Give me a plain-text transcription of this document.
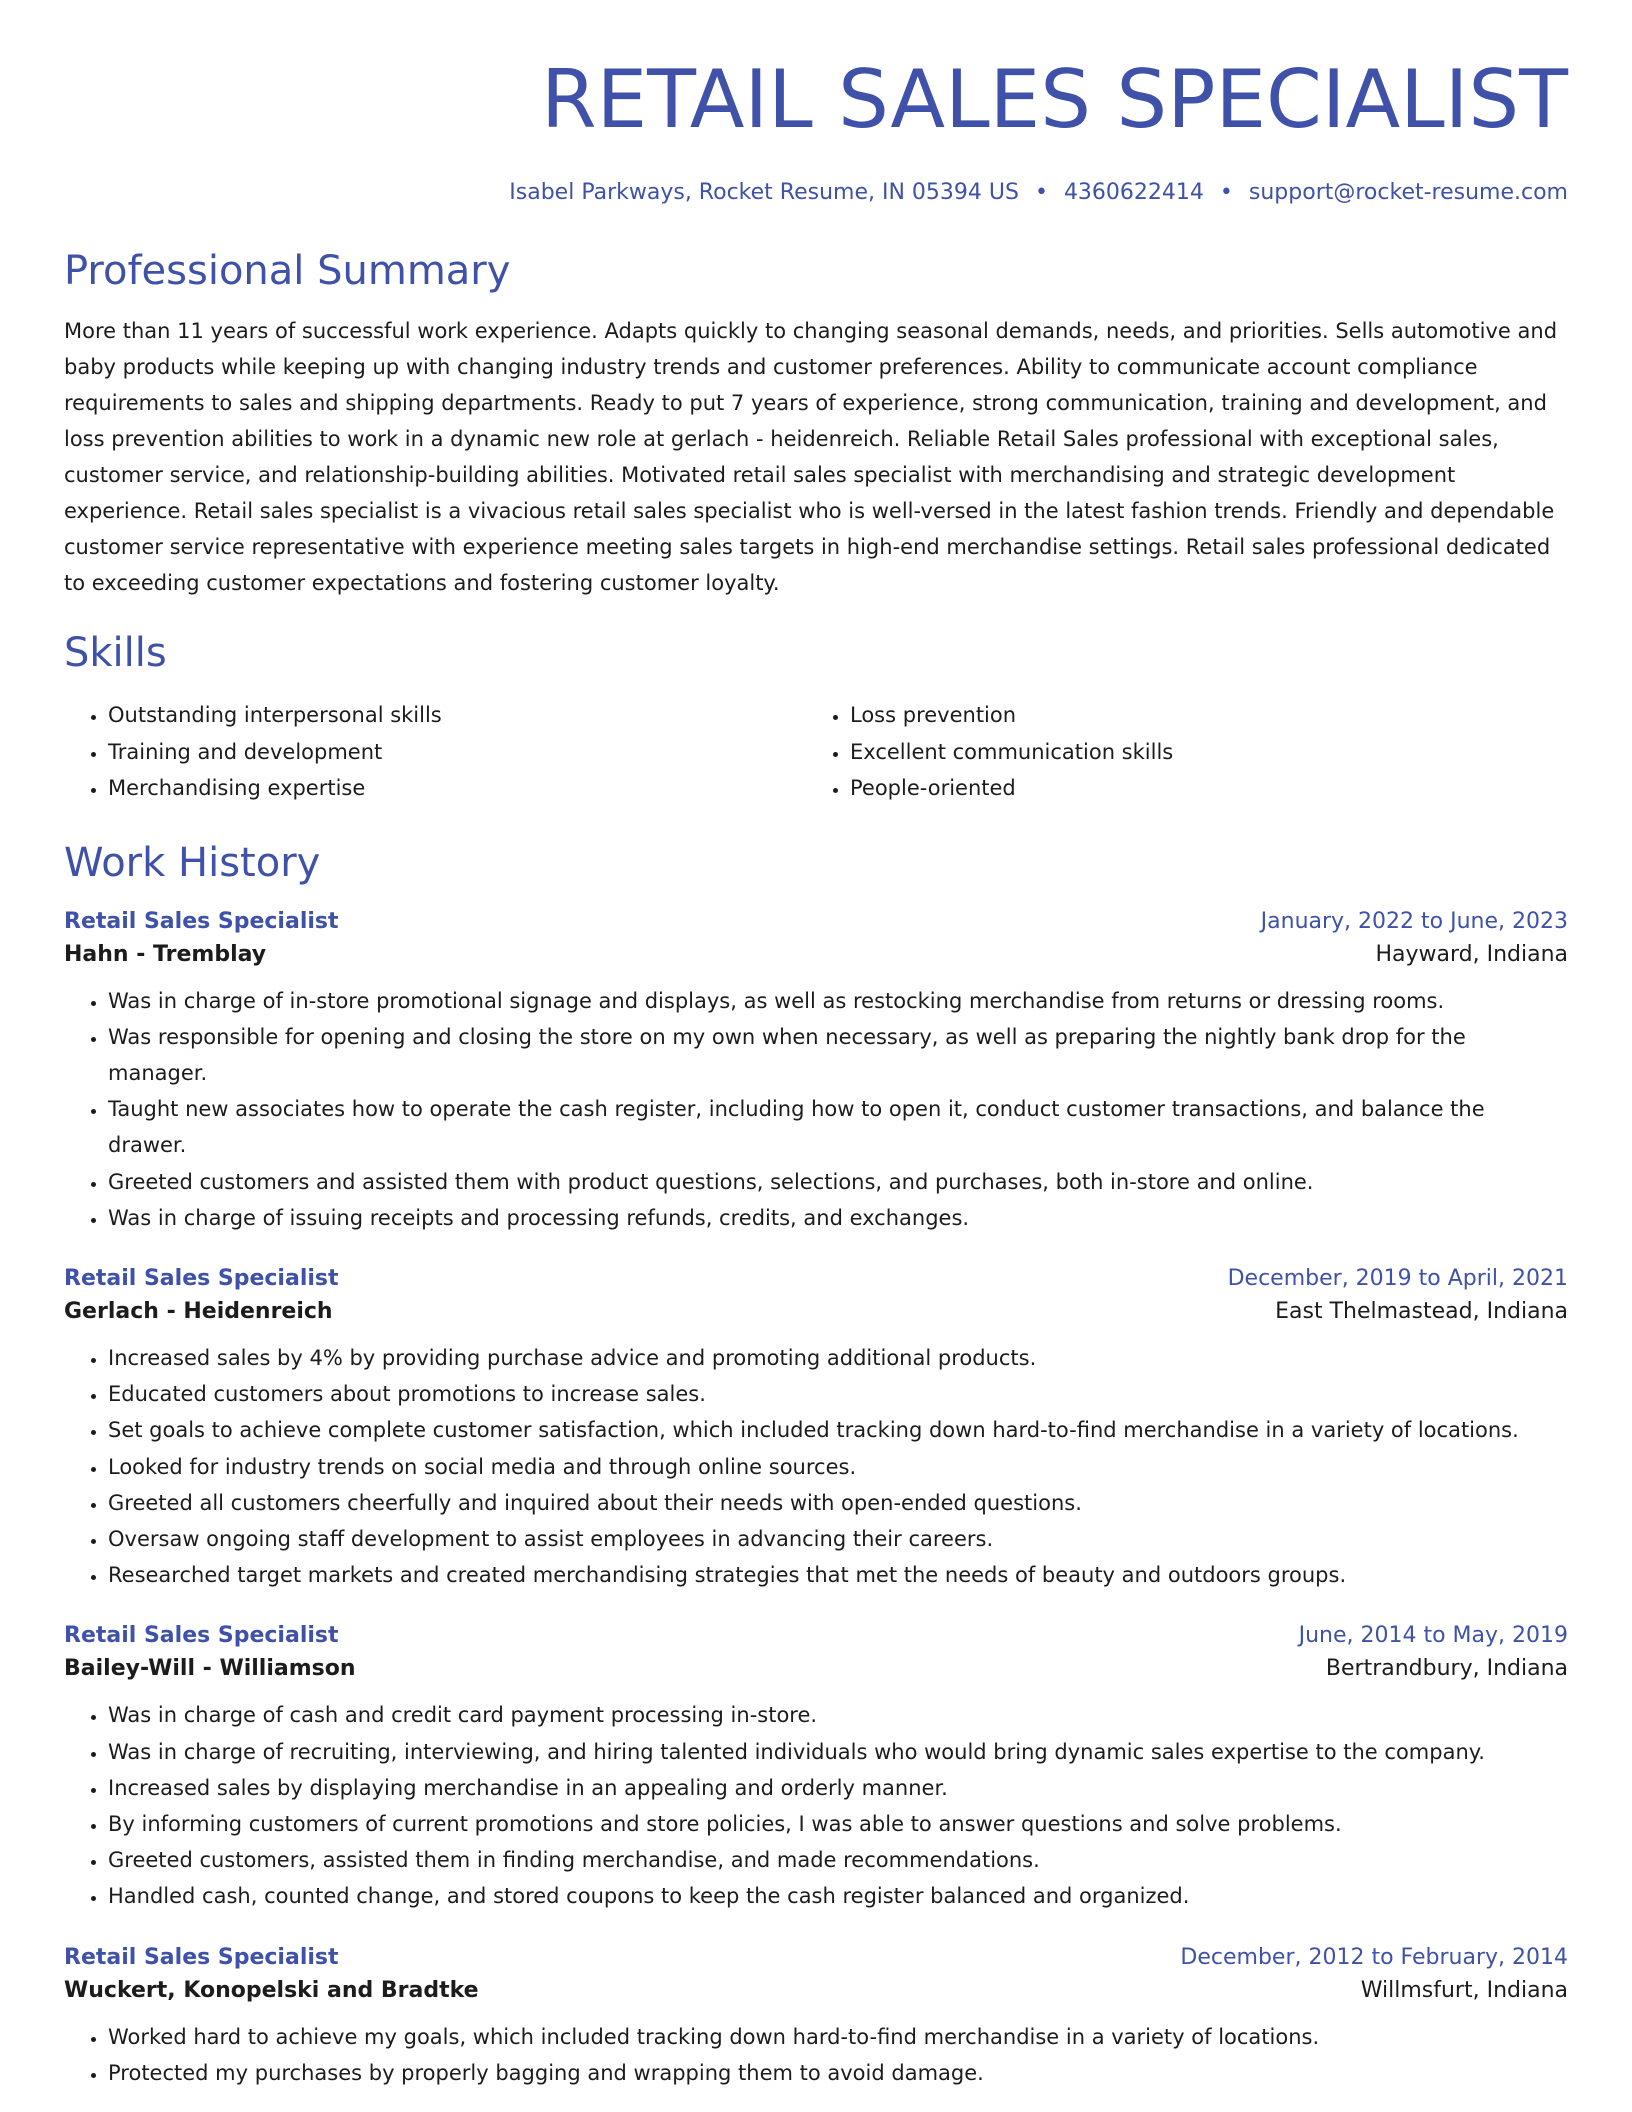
RETAIL SALES SPECIALIST
Isabel Parkways, Rocket Resume, IN 05394 US • 4360622414 • support@rocket-resume.com
Professional Summary

More than 11 years of successful work experience. Adapts quickly to changing seasonal demands, needs, and priorities. Sells automotive and baby products while keeping up with changing industry trends and customer preferences. Ability to communicate account compliance requirements to sales and shipping departments. Ready to put 7 years of experience, strong communication, training and development, and loss prevention abilities to work in a dynamic new role at gerlach - heidenreich. Reliable Retail Sales professional with exceptional sales, customer service, and relationship-building abilities. Motivated retail sales specialist with merchandising and strategic development experience. Retail sales specialist is a vivacious retail sales specialist who is well-versed in the latest fashion trends. Friendly and dependable customer service representative with experience meeting sales targets in high-end merchandise settings. Retail sales professional dedicated to exceeding customer expectations and fostering customer loyalty.

Skills
• Outstanding interpersonal skills
• Training and development
• Merchandising expertise
• Loss prevention
• Excellent communication skills
• People-oriented
Work History
Retail Sales Specialist	January, 2022 to June, 2023
Hahn - Tremblay	Hayward, Indiana
• Was in charge of in-store promotional signage and displays, as well as restocking merchandise from returns or dressing rooms.
• Was responsible for opening and closing the store on my own when necessary, as well as preparing the nightly bank drop for the manager.
• Taught new associates how to operate the cash register, including how to open it, conduct customer transactions, and balance the drawer.
• Greeted customers and assisted them with product questions, selections, and purchases, both in-store and online.
• Was in charge of issuing receipts and processing refunds, credits, and exchanges.
Retail Sales Specialist	December, 2019 to April, 2021
Gerlach - Heidenreich	East Thelmastead, Indiana
• Increased sales by 4% by providing purchase advice and promoting additional products.
• Educated customers about promotions to increase sales.
• Set goals to achieve complete customer satisfaction, which included tracking down hard-to-find merchandise in a variety of locations.
• Looked for industry trends on social media and through online sources.
• Greeted all customers cheerfully and inquired about their needs with open-ended questions.
• Oversaw ongoing staff development to assist employees in advancing their careers.
• Researched target markets and created merchandising strategies that met the needs of beauty and outdoors groups.
Retail Sales Specialist	June, 2014 to May, 2019
Bailey-Will - Williamson	Bertrandbury, Indiana
• Was in charge of cash and credit card payment processing in-store.
• Was in charge of recruiting, interviewing, and hiring talented individuals who would bring dynamic sales expertise to the company.
• Increased sales by displaying merchandise in an appealing and orderly manner.
• By informing customers of current promotions and store policies, I was able to answer questions and solve problems.
• Greeted customers, assisted them in finding merchandise, and made recommendations.
• Handled cash, counted change, and stored coupons to keep the cash register balanced and organized.
Retail Sales Specialist	December, 2012 to February, 2014
Wuckert, Konopelski and Bradtke	Willmsfurt, Indiana
• Worked hard to achieve my goals, which included tracking down hard-to-find merchandise in a variety of locations.
• Protected my purchases by properly bagging and wrapping them to avoid damage.
